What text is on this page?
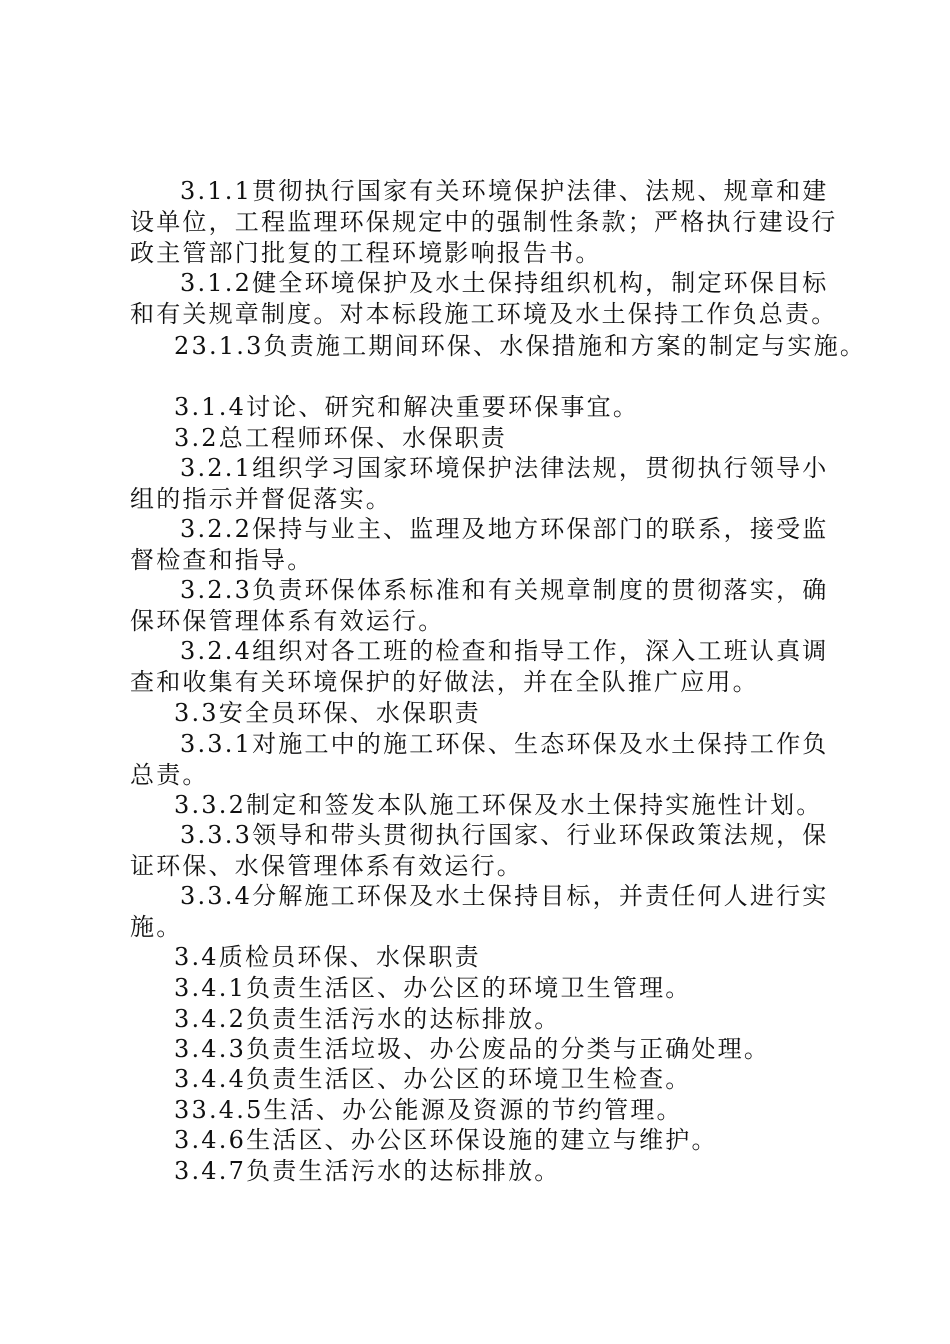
3.1.1贯彻执行国家有关环境保护法律、法规、规章和建设单位，工程监理环保规定中的强制性条款；严格执行建设行政主管部门批复的工程环境影响报告书。

3.1.2健全环境保护及水土保持组织机构，制定环保目标和有关规章制度。对本标段施工环境及水土保持工作负总责。

23.1.3负责施工期间环保、水保措施和方案的制定与实施。

3.1.4讨论、研究和解决重要环保事宜。

3.2总工程师环保、水保职责

3.2.1组织学习国家环境保护法律法规，贯彻执行领导小组的指示并督促落实。

3.2.2保持与业主、监理及地方环保部门的联系，接受监督检查和指导。

3.2.3负责环保体系标准和有关规章制度的贯彻落实，确保环保管理体系有效运行。

3.2.4组织对各工班的检查和指导工作，深入工班认真调查和收集有关环境保护的好做法，并在全队推广应用。

3.3安全员环保、水保职责

3.3.1对施工中的施工环保、生态环保及水土保持工作负总责。

3.3.2制定和签发本队施工环保及水土保持实施性计划。

3.3.3领导和带头贯彻执行国家、行业环保政策法规，保证环保、水保管理体系有效运行。

3.3.4分解施工环保及水土保持目标，并责任何人进行实施。

3.4质检员环保、水保职责

3.4.1负责生活区、办公区的环境卫生管理。

3.4.2负责生活污水的达标排放。

3.4.3负责生活垃圾、办公废品的分类与正确处理。

3.4.4负责生活区、办公区的环境卫生检查。

33.4.5生活、办公能源及资源的节约管理。

3.4.6生活区、办公区环保设施的建立与维护。

3.4.7负责生活污水的达标排放。
